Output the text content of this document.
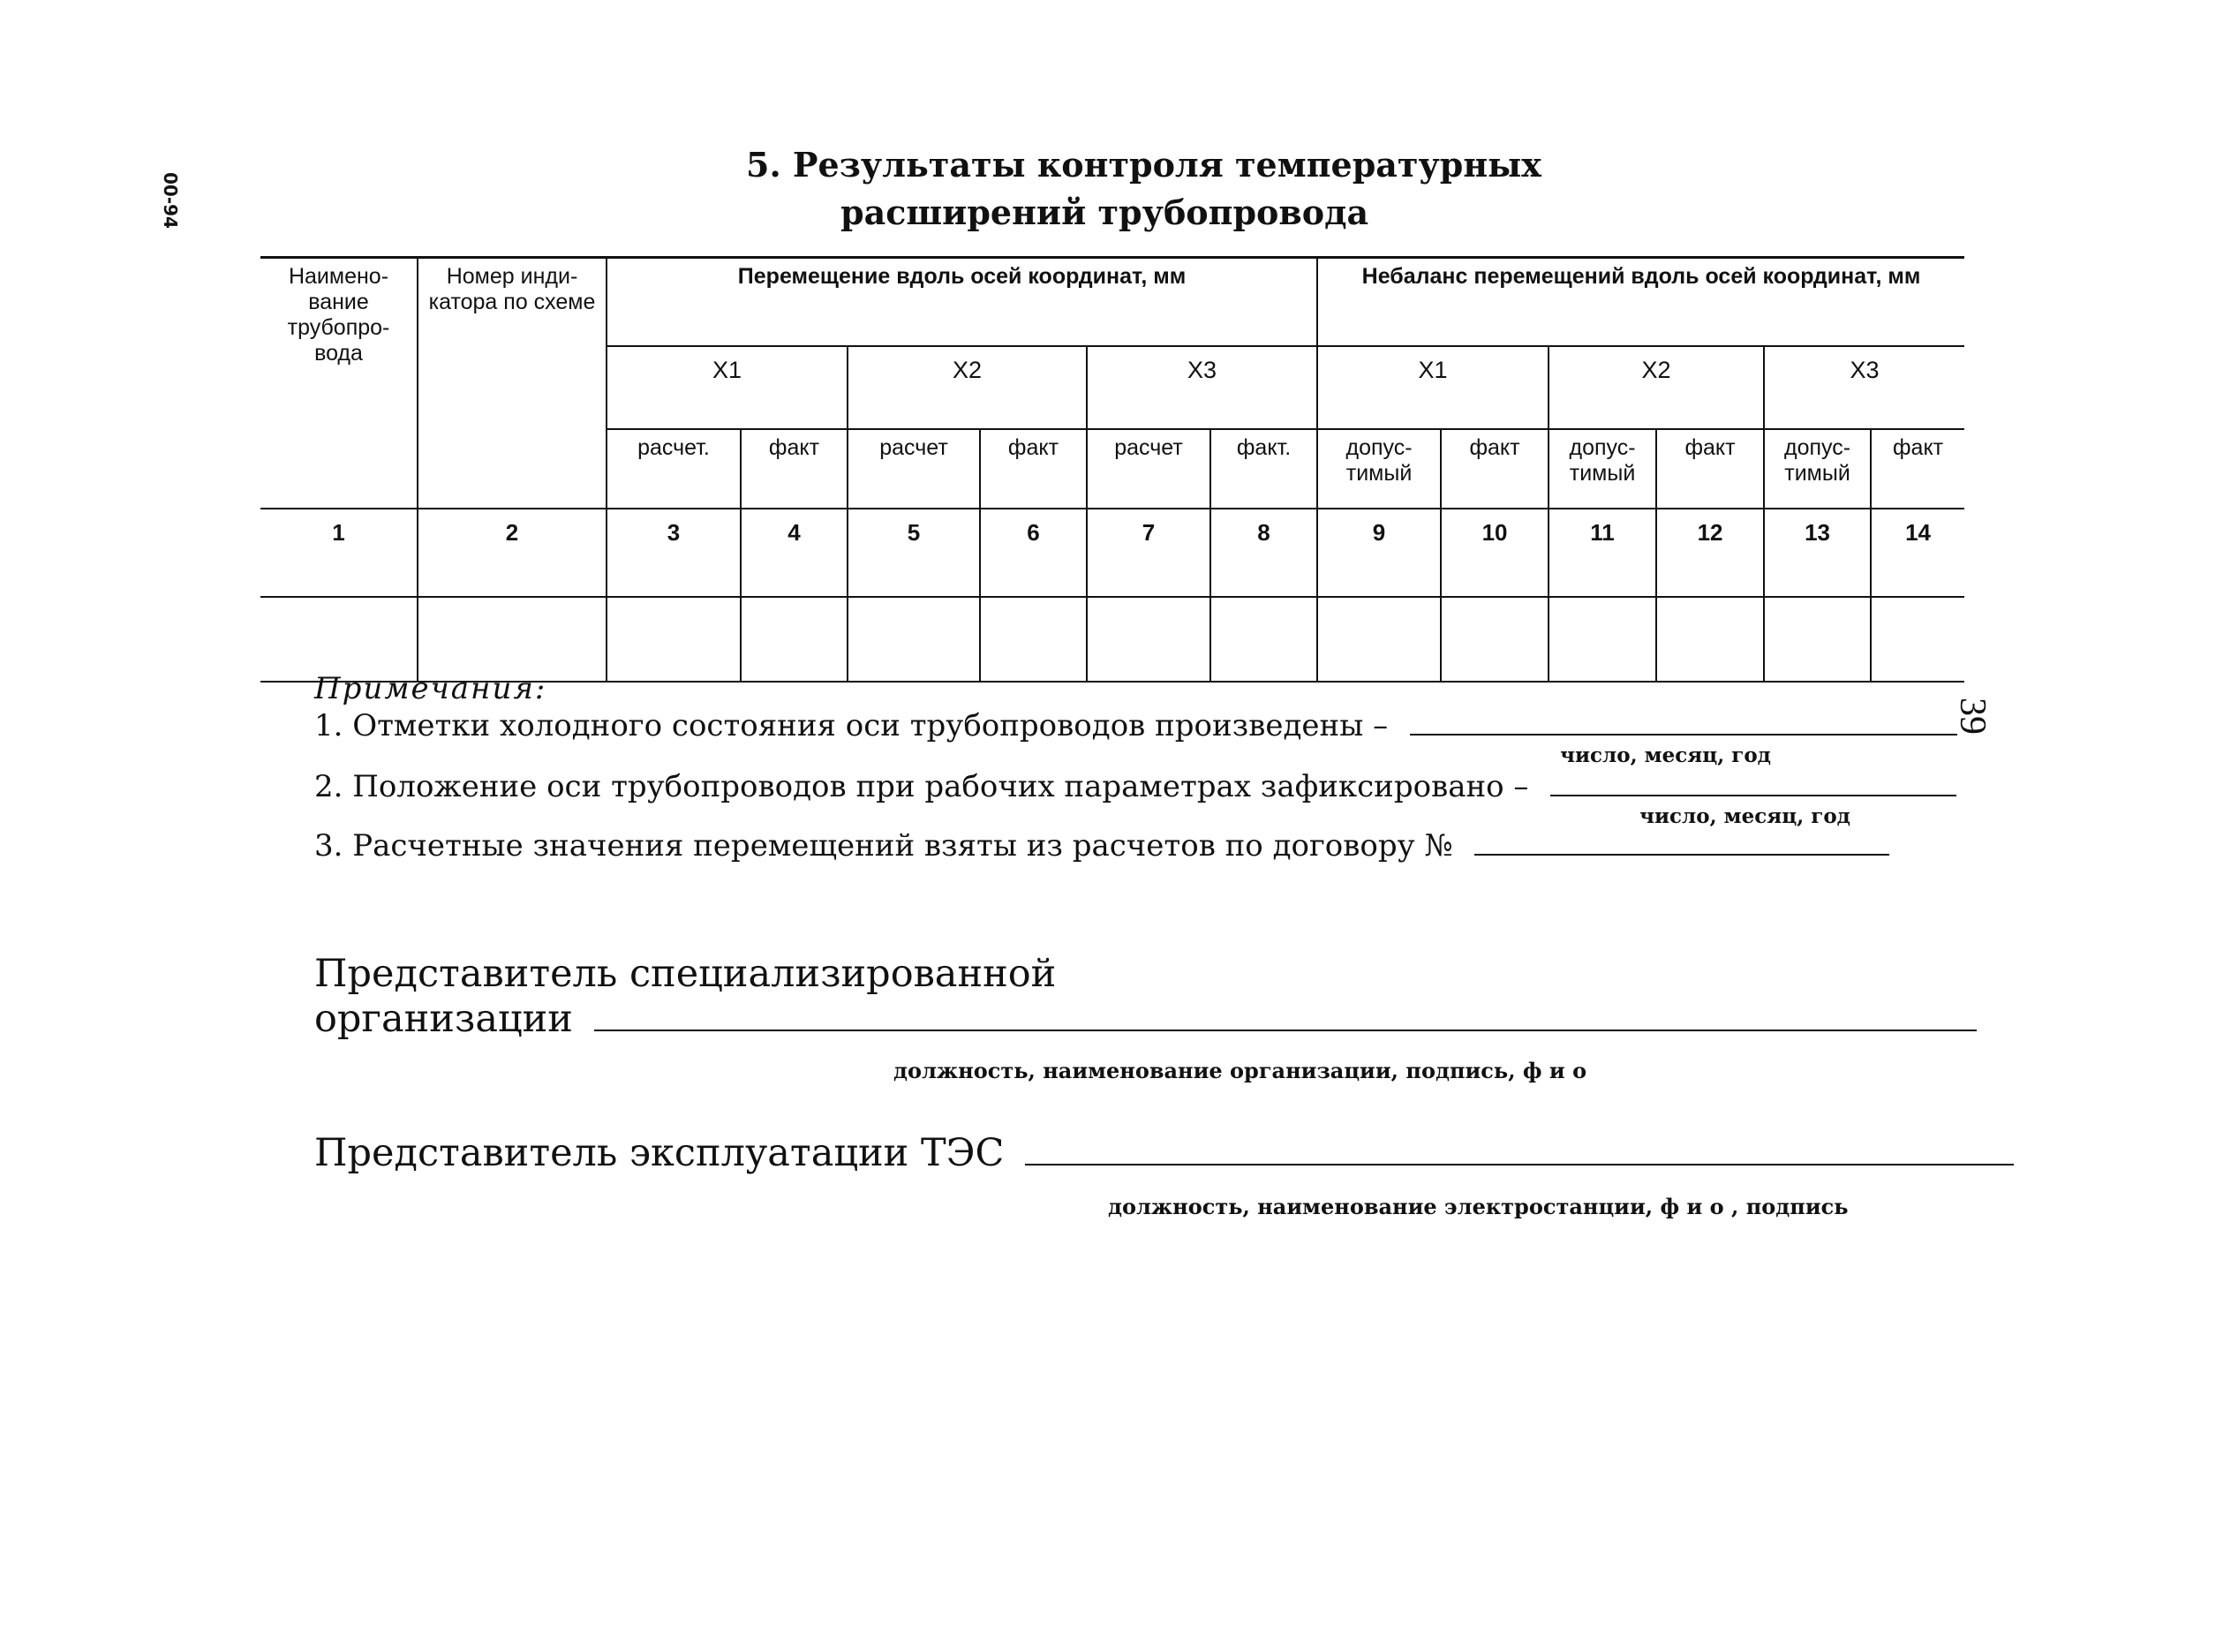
00-94
39
5. Результаты контроля температурных
расширений трубопровода
Наимено-вание трубопро-вода	Номер инди-катора по схеме	Перемещение вдоль осей координат, мм						Небаланс перемещений вдоль осей координат, мм					
		Х1		Х2		Х3		Х1		Х2		Х3	
		расчет.	факт	расчет	факт	расчет	факт.	допус-тимый	факт	допус-тимый	факт	допус-тимый	факт
1	2	3	4	5	6	7	8	9	10	11	12	13	14

Примечания:
1. Отметки холодного состояния оси трубопроводов произведены –
число, месяц, год
2. Положение оси трубопроводов при рабочих параметрах зафиксировано –
число, месяц, год
3. Расчетные значения перемещений взяты из расчетов по договору №
Представитель специализированной
организации
должность, наименование организации, подпись, ф и о
Представитель эксплуатации ТЭС
должность, наименование электростанции, ф и о , подпись
